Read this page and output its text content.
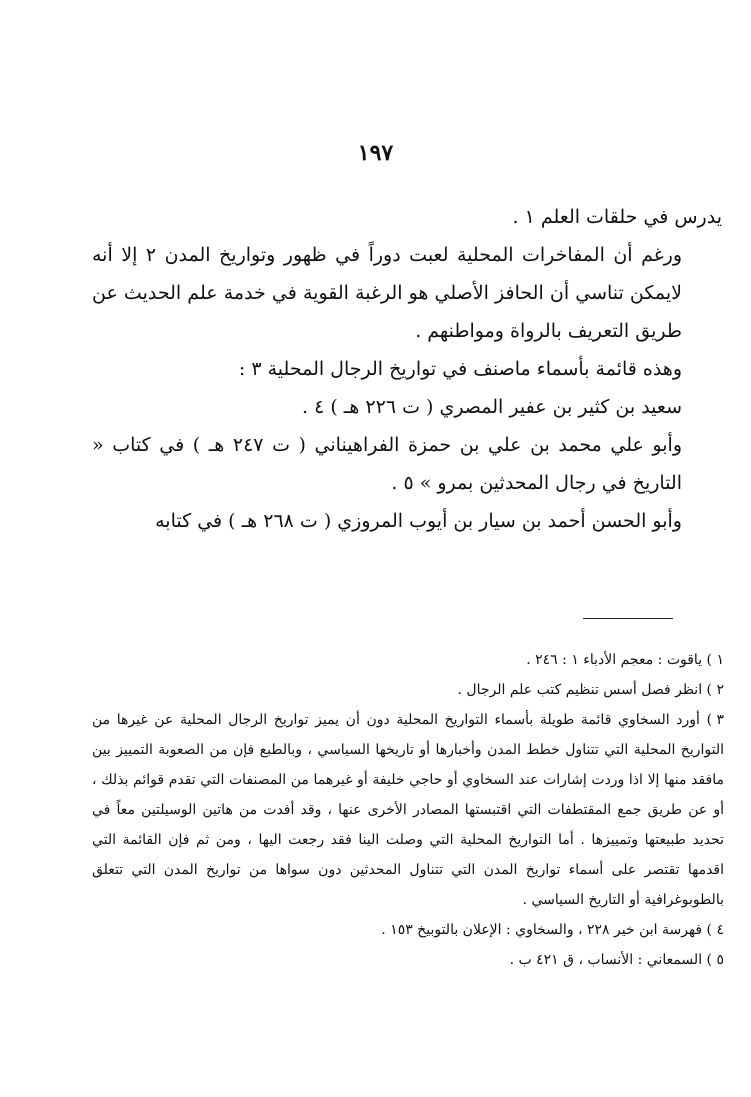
١٩٧

يدرس في حلقات العلم ١ .

ورغم أن المفاخرات المحلية لعبت دوراً في ظهور وتواريخ المدن ٢ إلا أنه لايمكن تناسي أن الحافز الأصلي هو الرغبة القوية في خدمة علم الحديث عن طريق التعريف بالرواة ومواطنهم .

وهذه قائمة بأسماء ماصنف في تواريخ الرجال المحلية ٣ :

سعيد بن كثير بن عفير المصري ( ت ٢٢٦ هـ ) ٤ .

وأبو علي محمد بن علي بن حمزة الفراهيناني ( ت ٢٤٧ هـ ) في كتاب « التاريخ في رجال المحدثين بمرو » ٥ .

وأبو الحسن أحمد بن سيار بن أيوب المروزي ( ت ٢٦٨ هـ ) في كتابه

١ ) ياقوت : معجم الأدباء ١ : ٢٤٦ .

٢ ) انظر فصل أسس تنظيم كتب علم الرجال .

٣ ) أورد السخاوي قائمة طويلة بأسماء التواريخ المحلية دون أن يميز تواريخ الرجال المحلية عن غيرها من التواريخ المحلية التي تتناول خطط المدن وأخبارها أو تاريخها السياسي ، وبالطبع فإن من الصعوبة التمييز بين مافقد منها إلا اذا وردت إشارات عند السخاوي أو حاجي خليفة أو غيرهما من المصنفات التي تقدم قوائم بذلك ، أو عن طريق جمع المقتطفات التي اقتبستها المصادر الأخرى عنها ، وقد أفدت من هاتين الوسيلتين معاً في تحديد طبيعتها وتمييزها . أما التواريخ المحلية التي وصلت الينا فقد رجعت اليها ، ومن ثم فإن القائمة التي اقدمها تقتصر على أسماء تواريخ المدن التي تتناول المحدثين دون سواها من تواريخ المدن التي تتعلق بالطوبوغرافية أو التاريخ السياسي .

٤ ) فهرسة ابن خير ٢٢٨ ، والسخاوي : الإعلان بالتوبيخ ١٥٣ .

٥ ) السمعاني : الأنساب ، ق ٤٢١ ب .
